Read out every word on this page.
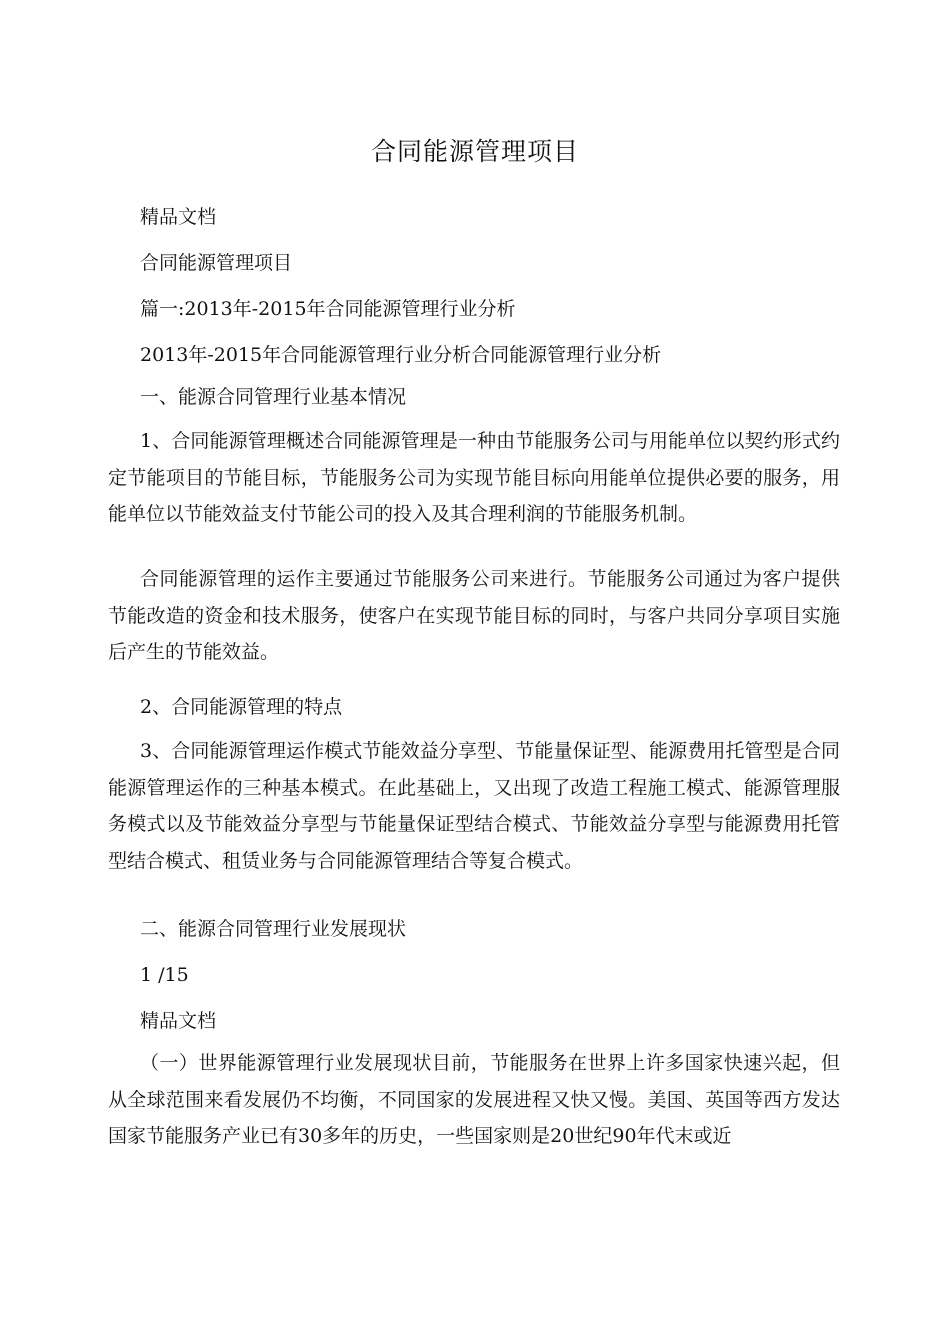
合同能源管理项目
精品文档
合同能源管理项目
篇一:2013年-2015年合同能源管理行业分析
2013年-2015年合同能源管理行业分析合同能源管理行业分析
一、能源合同管理行业基本情况
1、合同能源管理概述合同能源管理是一种由节能服务公司与用能单位以契约形式约定节能项目的节能目标，节能服务公司为实现节能目标向用能单位提供必要的服务，用能单位以节能效益支付节能公司的投入及其合理利润的节能服务机制。
合同能源管理的运作主要通过节能服务公司来进行。节能服务公司通过为客户提供节能改造的资金和技术服务，使客户在实现节能目标的同时，与客户共同分享项目实施后产生的节能效益。
2、合同能源管理的特点
3、合同能源管理运作模式节能效益分享型、节能量保证型、能源费用托管型是合同能源管理运作的三种基本模式。在此基础上，又出现了改造工程施工模式、能源管理服务模式以及节能效益分享型与节能量保证型结合模式、节能效益分享型与能源费用托管型结合模式、租赁业务与合同能源管理结合等复合模式。
二、能源合同管理行业发展现状
1 /15
精品文档
（一）世界能源管理行业发展现状目前，节能服务在世界上许多国家快速兴起，但从全球范围来看发展仍不均衡，不同国家的发展进程又快又慢。美国、英国等西方发达国家节能服务产业已有30多年的历史，一些国家则是20世纪90年代末或近
